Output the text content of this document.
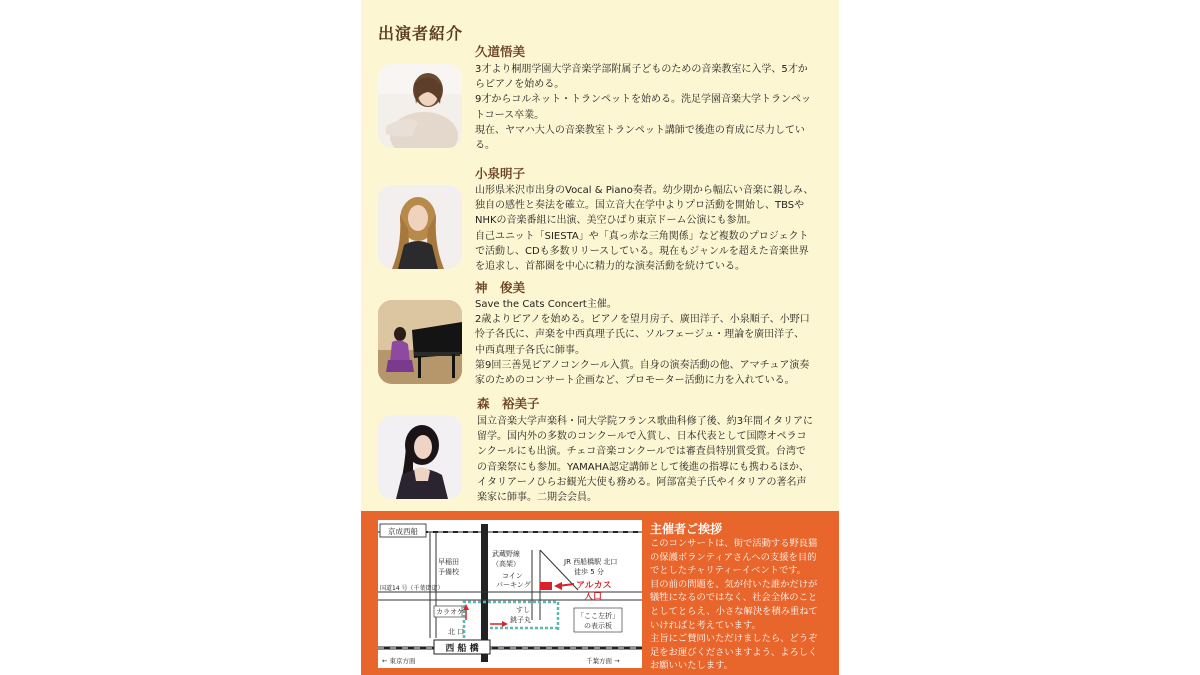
出演者紹介
久道悟美
3才より桐朋学園大学音楽学部附属子どものための音楽教室に入学、5才か
らピアノを始める。
9才からコルネット・トランペットを始める。洗足学園音楽大学トランペッ
トコース卒業。
現在、ヤマハ大人の音楽教室トランペット講師で後進の育成に尽力してい
る。
小泉明子
山形県米沢市出身のVocal & Piano奏者。幼少期から幅広い音楽に親しみ、
独自の感性と奏法を確立。国立音大在学中よりプロ活動を開始し、TBSや
NHKの音楽番組に出演、美空ひばり東京ドーム公演にも参加。
自己ユニット「SIESTA」や「真っ赤な三角関係」など複数のプロジェクト
で活動し、CDも多数リリースしている。現在もジャンルを超えた音楽世界
を追求し、首都圏を中心に精力的な演奏活動を続けている。
神　俊美
Save the Cats Concert主催。
2歳よりピアノを始める。ピアノを望月房子、廣田洋子、小泉順子、小野口
怜子各氏に、声楽を中西真理子氏に、ソルフェージュ・理論を廣田洋子、
中西真理子各氏に師事。
第9回三善晃ピアノコンクール入賞。自身の演奏活動の他、アマチュア演奏
家のためのコンサート企画など、プロモーター活動に力を入れている。
森　裕美子
国立音楽大学声楽科・同大学院フランス歌曲科修了後、約3年間イタリアに
留学。国内外の多数のコンクールで入賞し、日本代表として国際オペラコ
ンクールにも出演。チェコ音楽コンクールでは審査員特別賞受賞。台湾で
の音楽祭にも参加。YAMAHA認定講師として後進の指導にも携わるほか、
イタリアーノひらお観光大使も務める。阿部富美子氏やイタリアの著名声
楽家に師事。二期会会員。
京成西船
早稲田
予備校
武蔵野線
（高架）
コイン
パーキング
JR 西船橋駅 北口
徒歩 5 分
アルカス
入口
国道14 号（千葉街道）
カラオケ	すし
銚子丸	「ここ左折」
の表示板
北 口
西 船 橋
← 東京方面	千葉方面 →
主催者ご挨拶
このコンサートは、街で活動する野良猫
の保護ボランティアさんへの支援を目的
でとしたチャリティーイベントです。
目の前の問題を、気が付いた誰かだけが
犠牲になるのではなく、社会全体のこと
としてとらえ、小さな解決を積み重ねて
いければと考えています。
主旨にご賛同いただけましたら、どうぞ
足をお運びくださいますよう、よろしく
お願いいたします。
